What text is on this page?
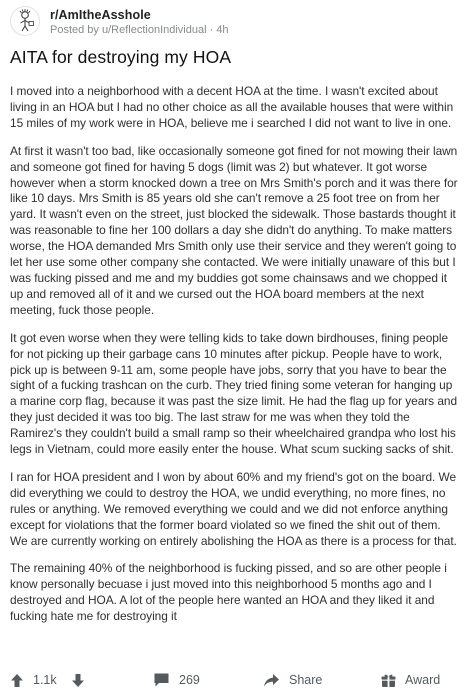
r/AmItheAsshole
Posted by u/ReflectionIndividual · 4h
AITA for destroying my HOA

I moved into a neighborhood with a decent HOA at the time. I wasn't excited about living in an HOA but I had no other choice as all the available houses that were within 15 miles of my work were in HOA, believe me i searched I did not want to live in one.

At first it wasn't too bad, like occasionally someone got fined for not mowing their lawn and someone got fined for having 5 dogs (limit was 2) but whatever. It got worse however when a storm knocked down a tree on Mrs Smith's porch and it was there for like 10 days. Mrs Smith is 85 years old she can't remove a 25 foot tree on from her yard. It wasn't even on the street, just blocked the sidewalk. Those bastards thought it was reasonable to fine her 100 dollars a day she didn't do anything. To make matters worse, the HOA demanded Mrs Smith only use their service and they weren't going to let her use some other company she contacted. We were initially unaware of this but I was fucking pissed and me and my buddies got some chainsaws and we chopped it up and removed all of it and we cursed out the HOA board members at the next meeting, fuck those people.

It got even worse when they were telling kids to take down birdhouses, fining people for not picking up their garbage cans 10 minutes after pickup. People have to work, pick up is between 9-11 am, some people have jobs, sorry that you have to bear the sight of a fucking trashcan on the curb. They tried fining some veteran for hanging up a marine corp flag, because it was past the size limit. He had the flag up for years and they just decided it was too big. The last straw for me was when they told the Ramirez's they couldn't build a small ramp so their wheelchaired grandpa who lost his legs in Vietnam, could more easily enter the house. What scum sucking sacks of shit.

I ran for HOA president and I won by about 60% and my friend's got on the board. We did everything we could to destroy the HOA, we undid everything, no more fines, no rules or anything. We removed everything we could and we did not enforce anything except for violations that the former board violated so we fined the shit out of them. We are currently working on entirely abolishing the HOA as there is a process for that.

The remaining 40% of the neighborhood is fucking pissed, and so are other people i know personally becuase i just moved into this neighborhood 5 months ago and I destroyed and HOA. A lot of the people here wanted an HOA and they liked it and fucking hate me for destroying it

1.1k	269	Share	Award
